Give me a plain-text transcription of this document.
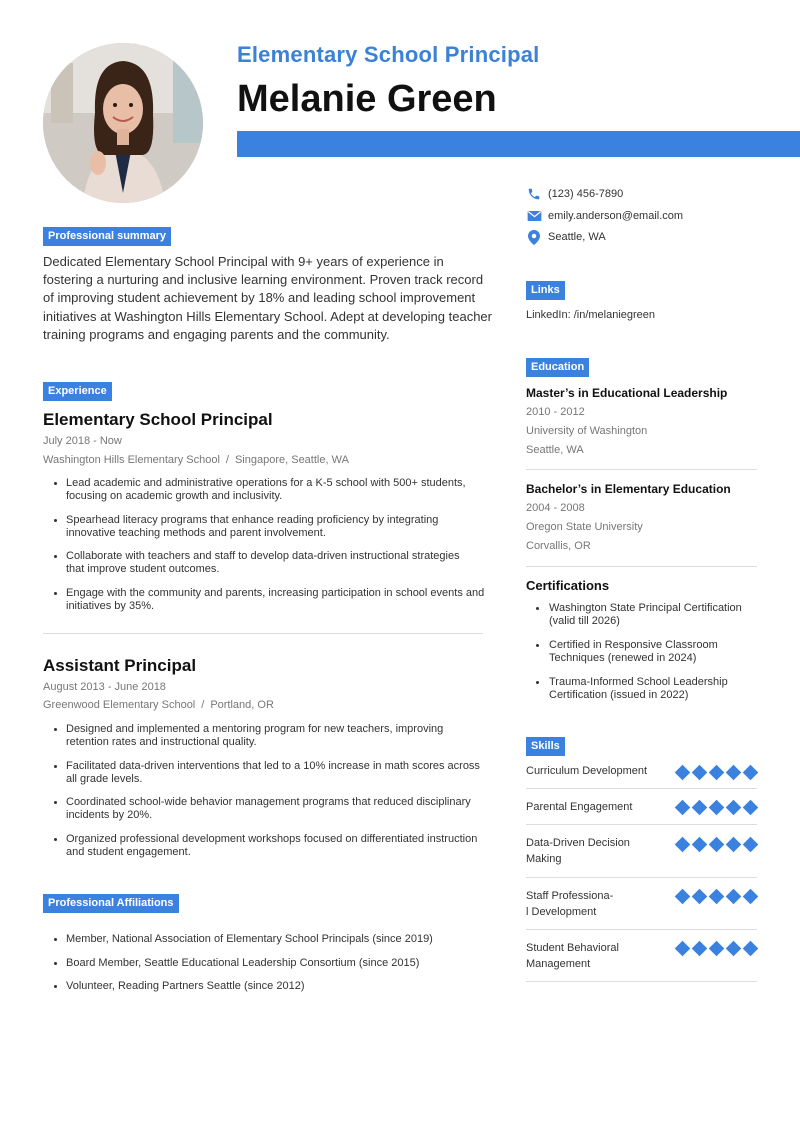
Elementary School Principal
Melanie Green
(123) 456-7890
emily.anderson@email.com
Seattle, WA
Links
LinkedIn: /in/melaniegreen
Education
Master’s in Educational Leadership
2010 - 2012
University of Washington
Seattle, WA
Bachelor’s in Elementary Education
2004 - 2008
Oregon State University
Corvallis, OR
Certifications
Washington State Principal Certification
(valid till 2026)
Certified in Responsive Classroom
Techniques (renewed in 2024)
Trauma-Informed School Leadership
Certification (issued in 2022)
Skills
Curriculum Development
Parental Engagement
Data-Driven Decision
Making
Staff Professiona-
l Development
Student Behavioral
Management
Professional summary
Dedicated Elementary School Principal with 9+ years of experience in
fostering a nurturing and inclusive learning environment. Proven track record
of improving student achievement by 18% and leading school improvement
initiatives at Washington Hills Elementary School. Adept at developing teacher
training programs and engaging parents and the community.
Experience
Elementary School Principal
July 2018 - Now
Washington Hills Elementary School / Singapore, Seattle, WA
Lead academic and administrative operations for a K-5 school with 500+ students,
focusing on academic growth and inclusivity.
Spearhead literacy programs that enhance reading proficiency by integrating
innovative teaching methods and parent involvement.
Collaborate with teachers and staff to develop data-driven instructional strategies
that improve student outcomes.
Engage with the community and parents, increasing participation in school events and
initiatives by 35%.
Assistant Principal
August 2013 - June 2018
Greenwood Elementary School / Portland, OR
Designed and implemented a mentoring program for new teachers, improving
retention rates and instructional quality.
Facilitated data-driven interventions that led to a 10% increase in math scores across
all grade levels.
Coordinated school-wide behavior management programs that reduced disciplinary
incidents by 20%.
Organized professional development workshops focused on differentiated instruction
and student engagement.
Professional Affiliations
Member, National Association of Elementary School Principals (since 2019)
Board Member, Seattle Educational Leadership Consortium (since 2015)
Volunteer, Reading Partners Seattle (since 2012)
